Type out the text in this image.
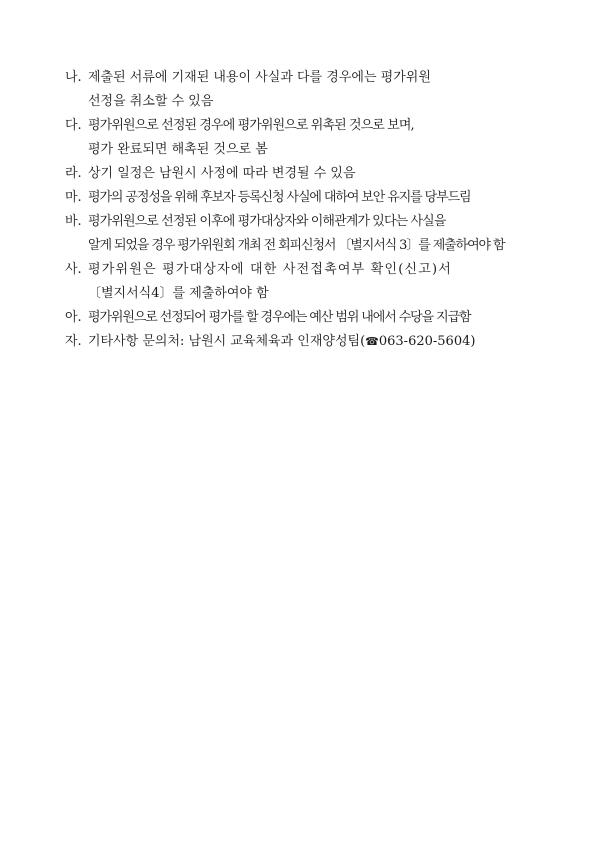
나. 제출된 서류에 기재된 내용이 사실과 다를 경우에는 평가위원
선정을 취소할 수 있음
다. 평가위원으로 선정된 경우에 평가위원으로 위촉된 것으로 보며,
평가 완료되면 해촉된 것으로 봄
라. 상기 일정은 남원시 사정에 따라 변경될 수 있음
마. 평가의 공정성을 위해 후보자 등록신청 사실에 대하여 보안 유지를 당부드림
바. 평가위원으로 선정된 이후에 평가대상자와 이해관계가 있다는 사실을
알게 되었을 경우 평가위원회 개최 전 회피신청서 〔별지서식 3〕를 제출하여야 함
사. 평가위원은 평가대상자에 대한 사전접촉여부 확인(신고)서
〔별지서식4〕를 제출하여야 함
아. 평가위원으로 선정되어 평가를 할 경우에는 예산 범위 내에서 수당을 지급함
자. 기타사항 문의처: 남원시 교육체육과 인재양성팀(☎063-620-5604)
